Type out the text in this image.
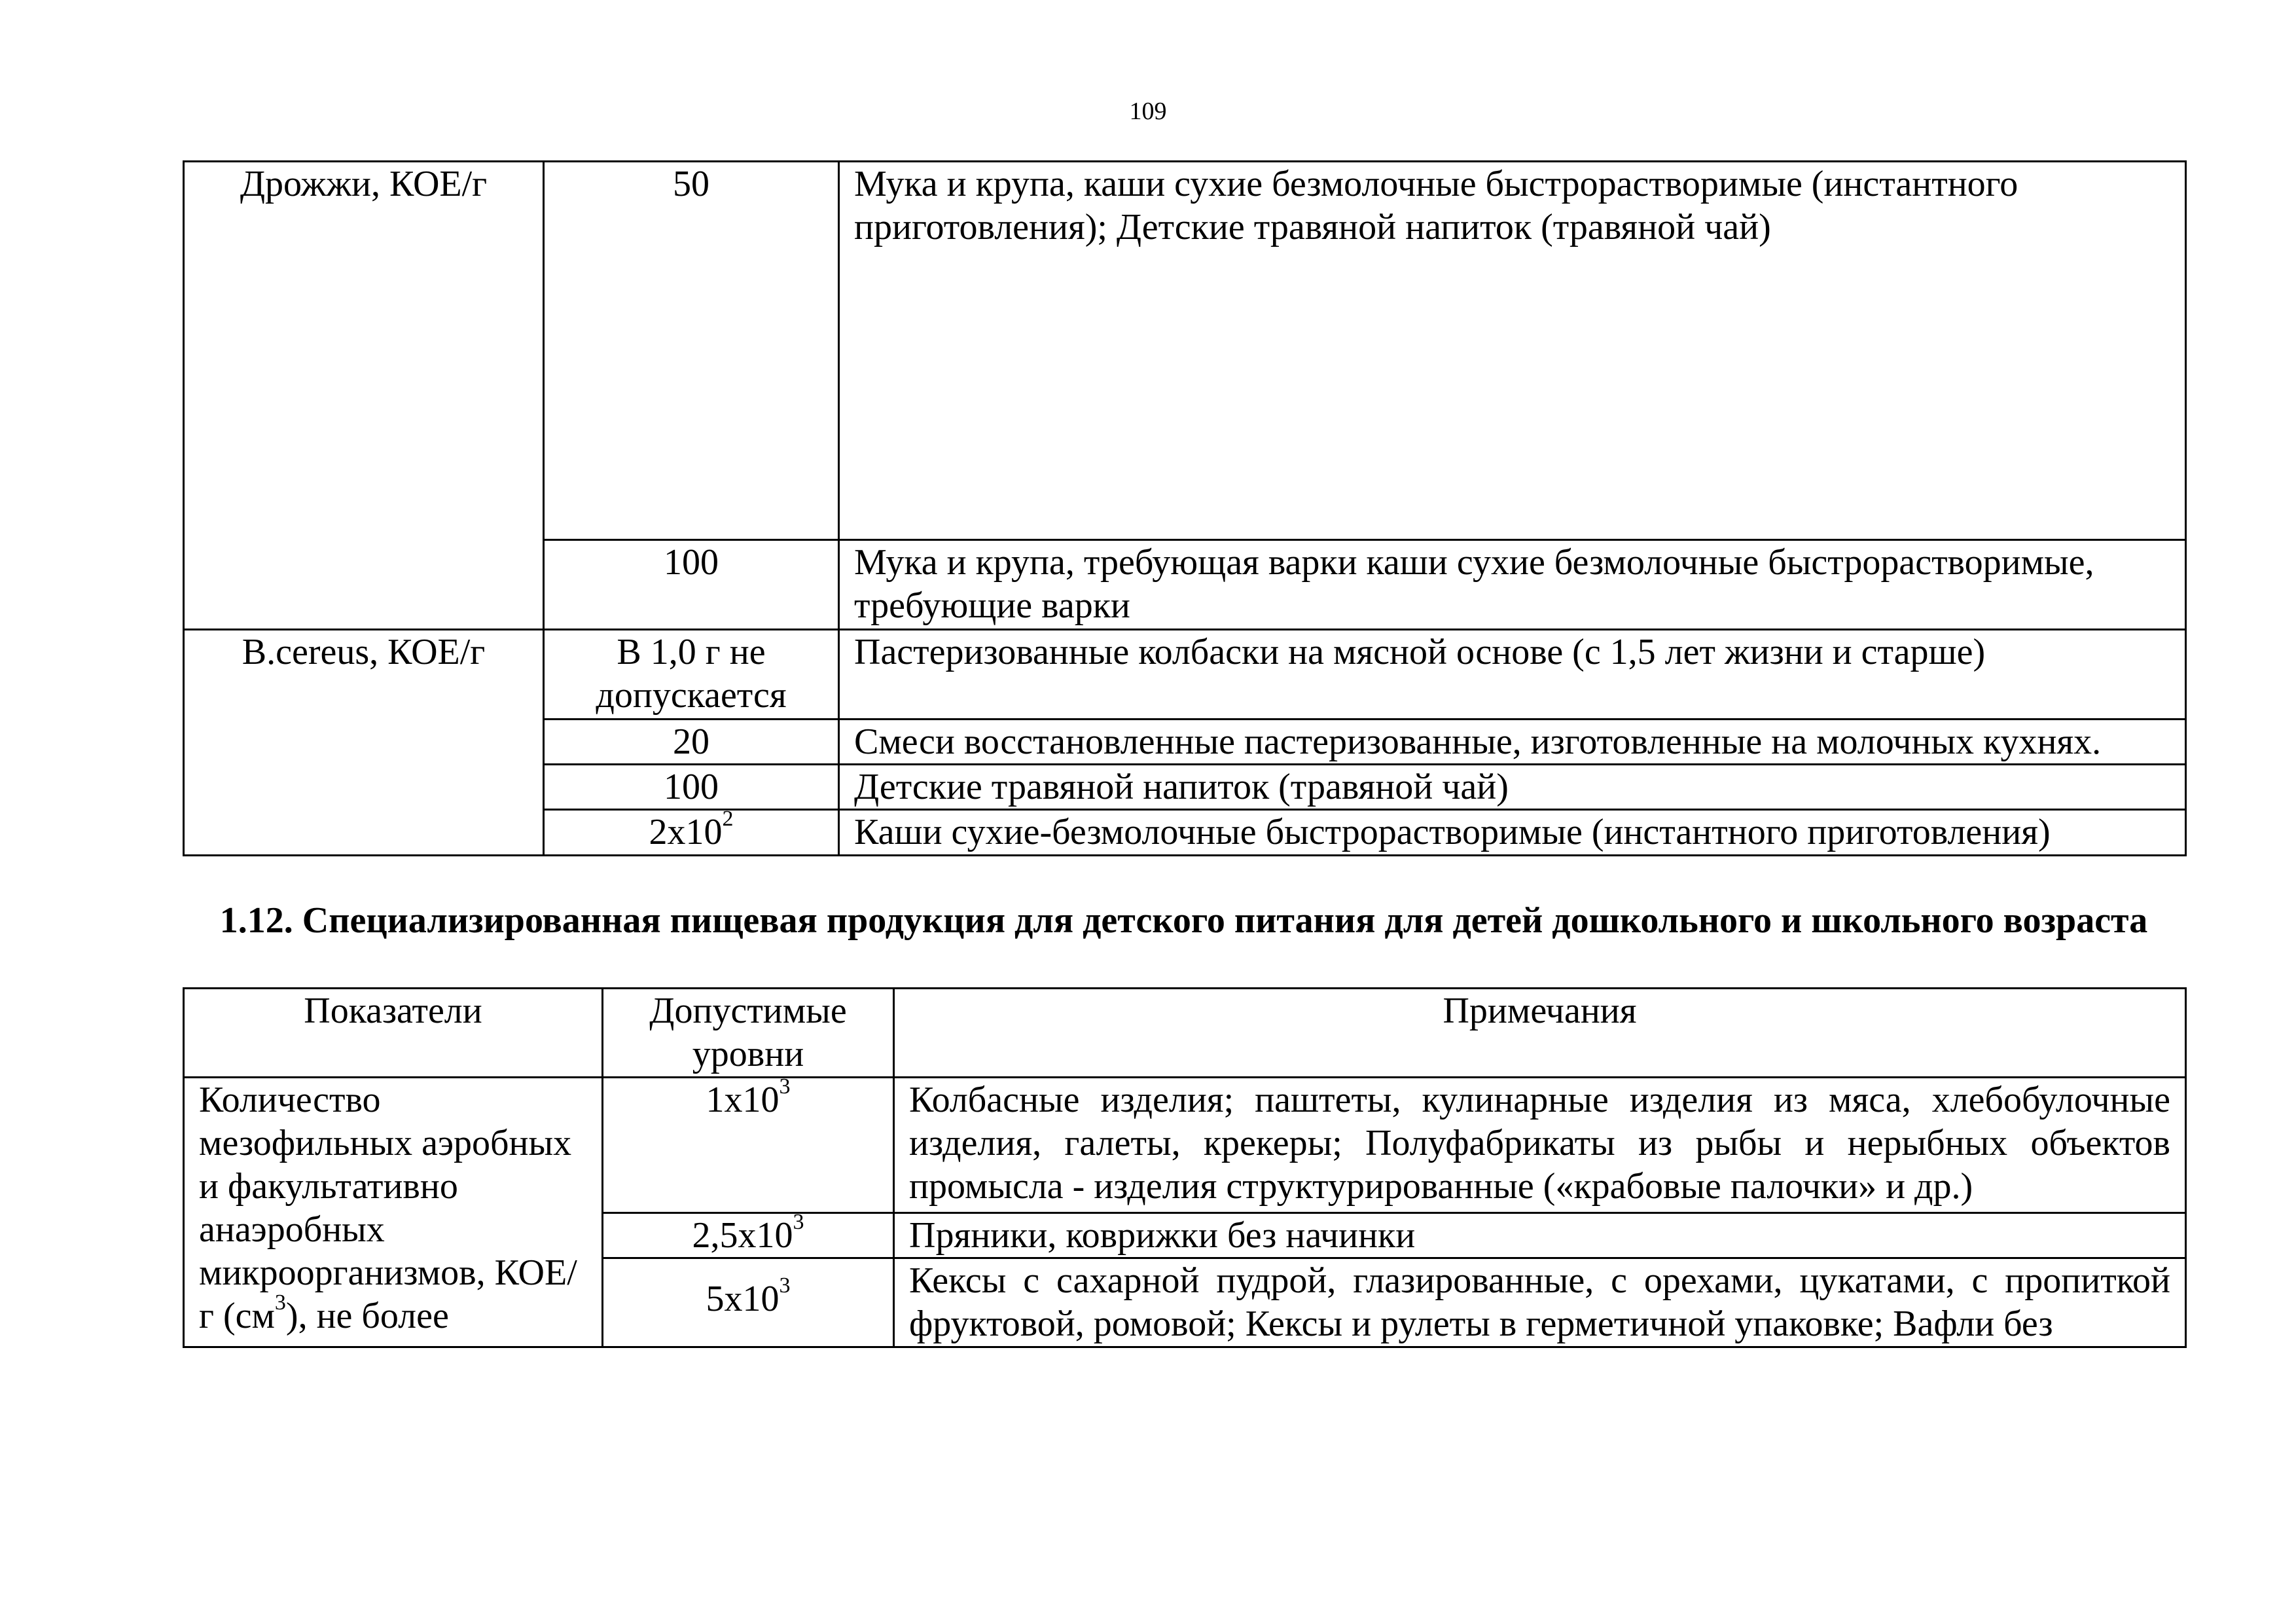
109
Дрожжи, КОЕ/г	50	Мука и крупа, каши сухие безмолочные быстрорастворимые (инстантного приготовления); Детские травяной напиток (травяной чай)
	100	Мука и крупа, требующая варки каши сухие безмолочные быстрорастворимые, требующие варки
B.cereus, КОЕ/г	В 1,0 г не допускается	Пастеризованные колбаски на мясной основе (с 1,5 лет жизни и старше)
	20	Смеси восстановленные пастеризованные, изготовленные на молочных кухнях.
	100	Детские травяной напиток (травяной чай)
	$2x10^2$	Каши сухие-безмолочные быстрорастворимые (инстантного приготовления)
1.12. Специализированная пищевая продукция для детского питания для детей дошкольного и школьного возраста
Показатели	Допустимые уровни	Примечания
Количество мезофильных аэробных и факультативно анаэробных микроорганизмов, КОЕ/г $(см^3)$, не более	$1x10^3$	Колбасные изделия; паштеты, кулинарные изделия из мяса, хлебобулочные изделия, галеты, крекеры; Полуфабрикаты из рыбы и нерыбных объектов промысла - изделия структурированные («крабовые палочки» и др.)
	$2,5x10^3$	Пряники, коврижки без начинки
	$5x10^3$	Кексы с сахарной пудрой, глазированные, с орехами, цукатами, с пропиткой фруктовой, ромовой; Кексы и рулеты в герметичной упаковке; Вафли без
